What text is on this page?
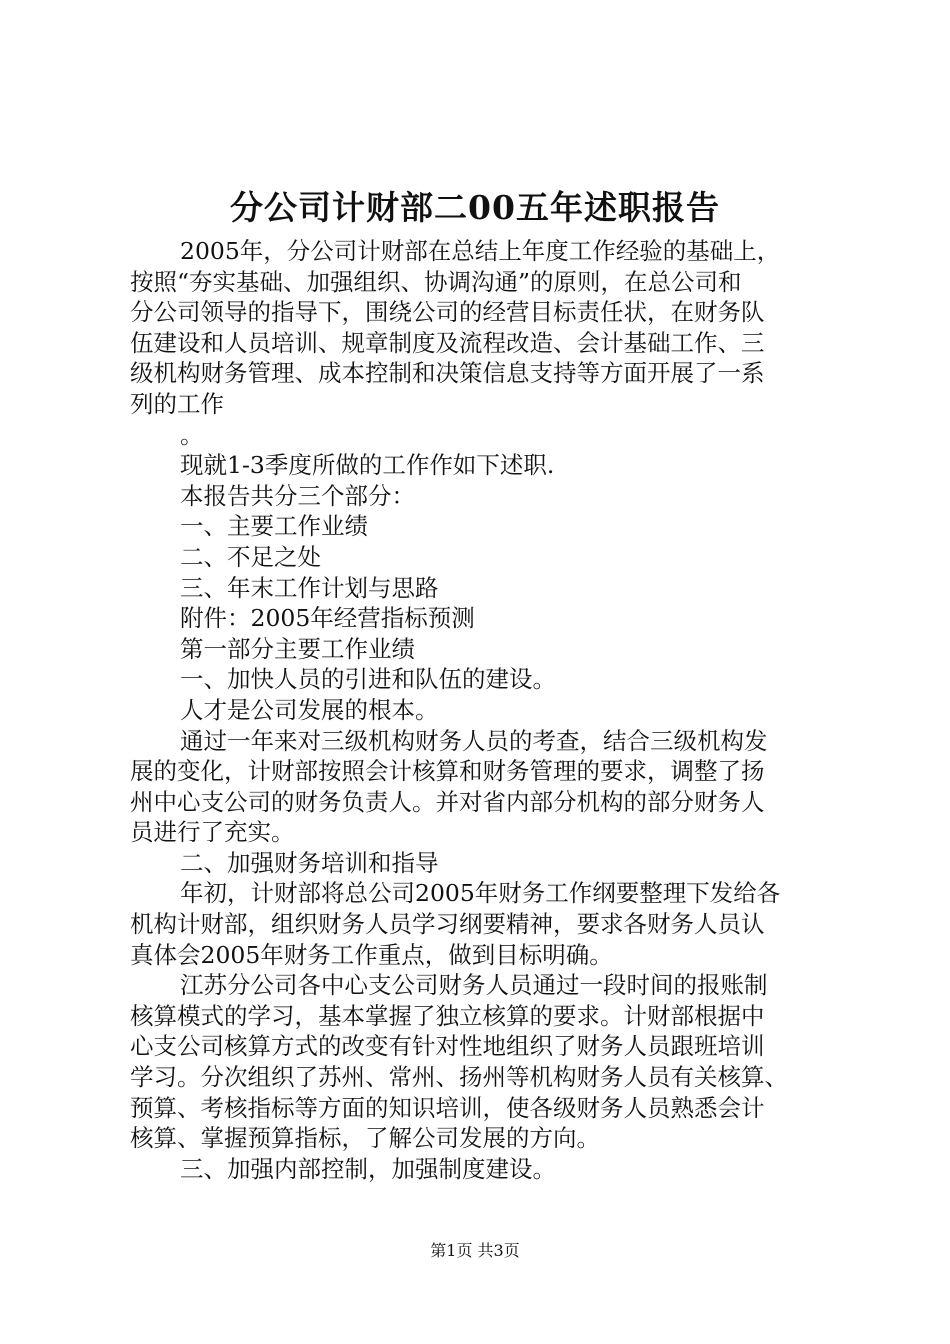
分公司计财部二00五年述职报告
2005年，分公司计财部在总结上年度工作经验的基础上，
按照“夯实基础、加强组织、协调沟通”的原则，在总公司和
分公司领导的指导下，围绕公司的经营目标责任状，在财务队
伍建设和人员培训、规章制度及流程改造、会计基础工作、三
级机构财务管理、成本控制和决策信息支持等方面开展了一系
列的工作
。
现就1-3季度所做的工作作如下述职.
本报告共分三个部分：
一、主要工作业绩
二、不足之处
三、年末工作计划与思路
附件：2005年经营指标预测
第一部分主要工作业绩
一、加快人员的引进和队伍的建设。
人才是公司发展的根本。
通过一年来对三级机构财务人员的考查，结合三级机构发
展的变化，计财部按照会计核算和财务管理的要求，调整了扬
州中心支公司的财务负责人。并对省内部分机构的部分财务人
员进行了充实。
二、加强财务培训和指导
年初，计财部将总公司2005年财务工作纲要整理下发给各
机构计财部，组织财务人员学习纲要精神，要求各财务人员认
真体会2005年财务工作重点，做到目标明确。
江苏分公司各中心支公司财务人员通过一段时间的报账制
核算模式的学习，基本掌握了独立核算的要求。计财部根据中
心支公司核算方式的改变有针对性地组织了财务人员跟班培训
学习。分次组织了苏州、常州、扬州等机构财务人员有关核算、
预算、考核指标等方面的知识培训，使各级财务人员熟悉会计
核算、掌握预算指标，了解公司发展的方向。
三、加强内部控制，加强制度建设。
第1页 共3页
